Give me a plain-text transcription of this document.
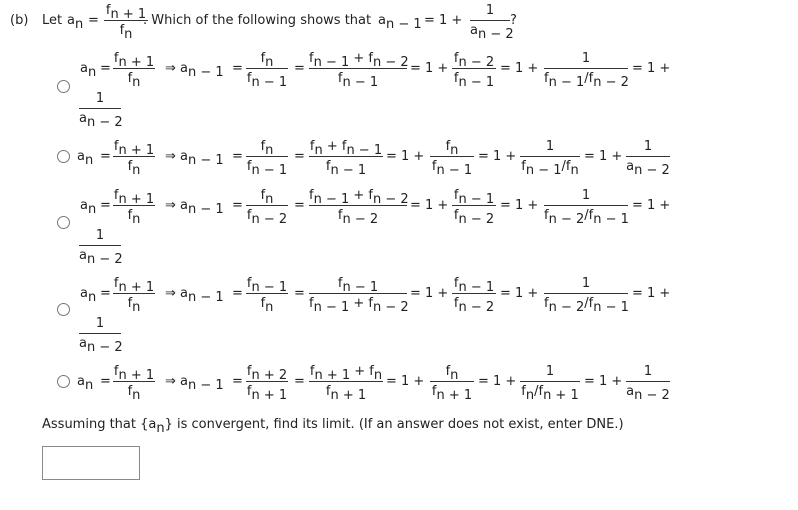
(b) Let an =
fn + 1
fn
. Which of the following shows that an − 1 = 1 +
1
an − 2
?
an =
fn + 1
fn
⇒ an − 1 =
fn
fn − 1
=
fn − 1 + fn − 2
fn − 1
= 1 +
fn − 2
fn − 1
= 1 +
1
fn − 1/fn − 2
= 1 +
1
an − 2
an =
fn + 1
fn
⇒ an − 1 =
fn
fn − 1
=
fn + fn − 1
fn − 1
= 1 +
fn
fn − 1
= 1 +
1
fn − 1/fn
= 1 +
1
an − 2
an =
fn + 1
fn
⇒ an − 1 =
fn
fn − 2
=
fn − 1 + fn − 2
fn − 2
= 1 +
fn − 1
fn − 2
= 1 +
1
fn − 2/fn − 1
= 1 +
1
an − 2
an =
fn + 1
fn
⇒ an − 1 =
fn − 1
fn
=
fn − 1
fn − 1 + fn − 2
= 1 +
fn − 1
fn − 2
= 1 +
1
fn − 2/fn − 1
= 1 +
1
an − 2
an =
fn + 1
fn
⇒ an − 1 =
fn + 2
fn + 1
=
fn + 1 + fn
fn + 1
= 1 +
fn
fn + 1
= 1 +
1
fn/fn + 1
= 1 +
1
an − 2
Assuming that {an} is convergent, find its limit. (If an answer does not exist, enter DNE.)
